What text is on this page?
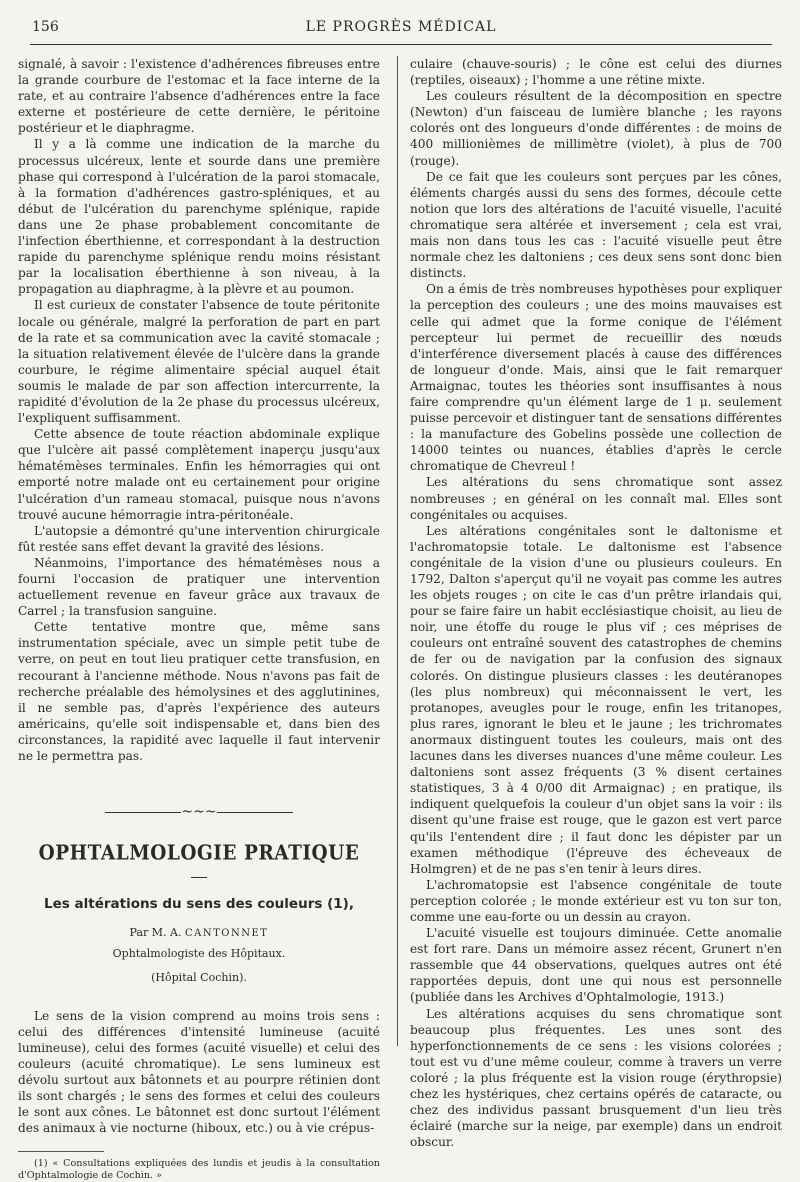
156	LE PROGRÈS MÉDICAL

signalé, à savoir : l'existence d'adhérences fibreuses entre la grande courbure de l'estomac et la face interne de la rate, et au contraire l'absence d'adhérences entre la face externe et postérieure de cette dernière, le péritoine postérieur et le diaphragme.

Il y a là comme une indication de la marche du processus ulcéreux, lente et sourde dans une première phase qui correspond à l'ulcération de la paroi stomacale, à la formation d'adhérences gastro-spléniques, et au début de l'ulcération du parenchyme splénique, rapide dans une 2e phase probablement concomitante de l'infection éberthienne, et correspondant à la destruction rapide du parenchyme splénique rendu moins résistant par la localisation éberthienne à son niveau, à la propagation au diaphragme, à la plèvre et au poumon.

Il est curieux de constater l'absence de toute péritonite locale ou générale, malgré la perforation de part en part de la rate et sa communication avec la cavité stomacale ; la situation relativement élevée de l'ulcère dans la grande courbure, le régime alimentaire spécial auquel était soumis le malade de par son affection intercurrente, la rapidité d'évolution de la 2e phase du processus ulcéreux, l'expliquent suffisamment.

Cette absence de toute réaction abdominale explique que l'ulcère ait passé complètement inaperçu jusqu'aux hématémèses terminales. Enfin les hémorragies qui ont emporté notre malade ont eu certainement pour origine l'ulcération d'un rameau stomacal, puisque nous n'avons trouvé aucune hémorragie intra-péritonéale.

L'autopsie a démontré qu'une intervention chirurgicale fût restée sans effet devant la gravité des lésions.

Néanmoins, l'importance des hématémèses nous a fourni l'occasion de pratiquer une intervention actuellement revenue en faveur grâce aux travaux de Carrel ; la transfusion sanguine.

Cette tentative montre que, même sans instrumentation spéciale, avec un simple petit tube de verre, on peut en tout lieu pratiquer cette transfusion, en recourant à l'ancienne méthode. Nous n'avons pas fait de recherche préalable des hémolysines et des agglutinines, il ne semble pas, d'après l'expérience des auteurs américains, qu'elle soit indispensable et, dans bien des circonstances, la rapidité avec laquelle il faut intervenir ne le permettra pas.

~~~
OPHTALMOLOGIE PRATIQUE
Les altérations du sens des couleurs (1),
Par M. A. CANTONNET
Ophtalmologiste des Hôpitaux.
(Hôpital Cochin).

Le sens de la vision comprend au moins trois sens : celui des différences d'intensité lumineuse (acuité lumineuse), celui des formes (acuité visuelle) et celui des couleurs (acuité chromatique). Le sens lumineux est dévolu surtout aux bâtonnets et au pourpre rétinien dont ils sont chargés ; le sens des formes et celui des couleurs le sont aux cônes. Le bâtonnet est donc surtout l'élément des animaux à vie nocturne (hiboux, etc.) ou à vie crépus-

(1) « Consultations expliquées des lundis et jeudis à la consultation d'Ophtalmologie de Cochin. »

culaire (chauve-souris) ; le cône est celui des diurnes (reptiles, oiseaux) ; l'homme a une rétine mixte.

Les couleurs résultent de la décomposition en spectre (Newton) d'un faisceau de lumière blanche ; les rayons colorés ont des longueurs d'onde différentes : de moins de 400 millionièmes de millimètre (violet), à plus de 700 (rouge).

De ce fait que les couleurs sont perçues par les cônes, éléments chargés aussi du sens des formes, découle cette notion que lors des altérations de l'acuité visuelle, l'acuité chromatique sera altérée et inversement ; cela est vrai, mais non dans tous les cas : l'acuité visuelle peut être normale chez les daltoniens ; ces deux sens sont donc bien distincts.

On a émis de très nombreuses hypothèses pour expliquer la perception des couleurs ; une des moins mauvaises est celle qui admet que la forme conique de l'élément percepteur lui permet de recueillir des nœuds d'interférence diversement placés à cause des différences de longueur d'onde. Mais, ainsi que le fait remarquer Armaignac, toutes les théories sont insuffisantes à nous faire comprendre qu'un élément large de 1 μ. seulement puisse percevoir et distinguer tant de sensations différentes : la manufacture des Gobelins possède une collection de 14000 teintes ou nuances, établies d'après le cercle chromatique de Chevreul !

Les altérations du sens chromatique sont assez nombreuses ; en général on les connaît mal. Elles sont congénitales ou acquises.

Les altérations congénitales sont le daltonisme et l'achromatopsie totale. Le daltonisme est l'absence congénitale de la vision d'une ou plusieurs couleurs. En 1792, Dalton s'aperçut qu'il ne voyait pas comme les autres les objets rouges ; on cite le cas d'un prêtre irlandais qui, pour se faire faire un habit ecclésiastique choisit, au lieu de noir, une étoffe du rouge le plus vif ; ces méprises de couleurs ont entraîné souvent des catastrophes de chemins de fer ou de navigation par la confusion des signaux colorés. On distingue plusieurs classes : les deutéranopes (les plus nombreux) qui méconnaissent le vert, les protanopes, aveugles pour le rouge, enfin les tritanopes, plus rares, ignorant le bleu et le jaune ; les trichromates anormaux distinguent toutes les couleurs, mais ont des lacunes dans les diverses nuances d'une même couleur. Les daltoniens sont assez fréquents (3 % disent certaines statistiques, 3 à 4 0/00 dit Armaignac) ; en pratique, ils indiquent quelquefois la couleur d'un objet sans la voir : ils disent qu'une fraise est rouge, que le gazon est vert parce qu'ils l'entendent dire ; il faut donc les dépister par un examen méthodique (l'épreuve des écheveaux de Holmgren) et de ne pas s'en tenir à leurs dires.

L'achromatopsie est l'absence congénitale de toute perception colorée ; le monde extérieur est vu ton sur ton, comme une eau-forte ou un dessin au crayon.

L'acuité visuelle est toujours diminuée. Cette anomalie est fort rare. Dans un mémoire assez récent, Grunert n'en rassemble que 44 observations, quelques autres ont été rapportées depuis, dont une qui nous est personnelle (publiée dans les Archives d'Ophtalmologie, 1913.)

Les altérations acquises du sens chromatique sont beaucoup plus fréquentes. Les unes sont des hyperfonctionnements de ce sens : les visions colorées ; tout est vu d'une même couleur, comme à travers un verre coloré ; la plus fréquente est la vision rouge (érythropsie) chez les hystériques, chez certains opérés de cataracte, ou chez des individus passant brusquement d'un lieu très éclairé (marche sur la neige, par exemple) dans un endroit obscur.
